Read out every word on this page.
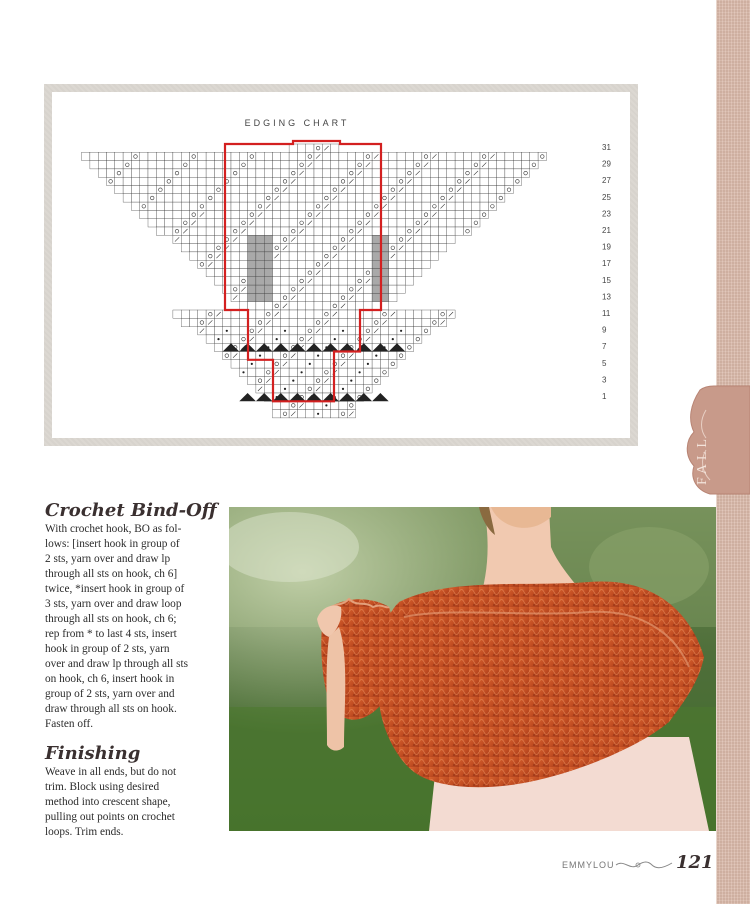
FALL
EDGING CHART
31
29
27
25
23
21
19
17
15
13
11
9
7
5
3
1
Crochet Bind-Off
With crochet hook, BO as fol-
lows: [insert hook in group of
2 sts, yarn over and draw lp
through all sts on hook, ch 6]
twice, *insert hook in group of
3 sts, yarn over and draw loop
through all sts on hook, ch 6;
rep from * to last 4 sts, insert
hook in group of 2 sts, yarn
over and draw lp through all sts
on hook, ch 6, insert hook in
group of 2 sts, yarn over and
draw through all sts on hook.
Fasten off.
Finishing
Weave in all ends, but do not
trim. Block using desired
method into crescent shape,
pulling out points on crochet
loops. Trim ends.
EMMYLOU	121
